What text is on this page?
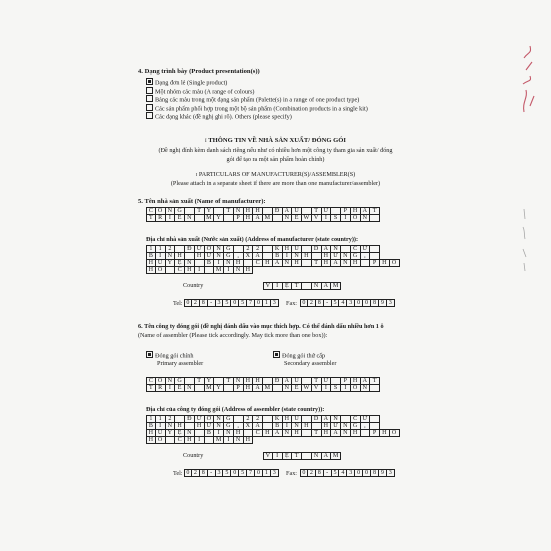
4. Dạng trình bày (Product presentation(s))
Dạng đơn lẻ (Single product)
Một nhóm các màu (A range of colours)
Bảng các màu trong một dạng sản phẩm (Palette(s) in a range of one product type)
Các sản phẩm phối hợp trong một bộ sản phẩm (Combination products in a single kit)
Các dạng khác (đề nghị ghi rõ). Others (please specify)
I THÔNG TIN VỀ NHÀ SẢN XUẤT/ ĐÓNG GÓI
(Đề nghị đính kèm danh sách riêng nếu như có nhiều hơn một công ty tham gia sản xuất/ đóng
gói để tạo ra một sản phẩm hoàn chỉnh)
I PARTICULARS OF MANUFACTURER(S)/ASSEMBLER(S)
(Please attach in a separate sheet if there are more than one manufacturer/assembler)
5. Tên nhà sản xuất (Name of manufacturer):
C Ô N G	T Y	T N H H	Đ Ầ U	T Ư	P H Á T
T R	I	Ể N	M Ỹ	P H Ẩ M	N E W V	I	S	I	O N
Địa chỉ nhà sản xuất (Nước sản xuất) (Address of manufacturer (state country)):
1	1	2	Đ Ư Ờ N G	2	2	K H U	D Â N	C Ư
B	Ì	N H	H Ư N G	,	X Ã	B	Ì	N H	H Ư N G	,
H U Y Ệ N	B	Ì	N H	C H Á N H	T H À N H	P H Ố
H Ồ	C H	Í	M I	N H
Country	V I	Ệ T	N A M
Tel: 0 2 8 - 3 5 0 5 7 0 1 3	Fax: 0 2 8 - 5 4 3 0 0 8 9 3
6. Tên công ty đóng gói (đề nghị đánh dấu vào mục thích hợp. Có thể đánh dấu nhiều hơn 1 ô
(Name of assembler (Please tick accordingly. May tick more than one box)):
Đóng gói chính
Primary assembler
Đóng gói thứ cấp
Secondary assembler
C Ô N G	T Y	T N H H	Đ Ầ U	T Ư	P H Á T
T R	I	Ể N	M Ỹ	P H Ẩ M	N E W V	I	S	I	O N
Địa chỉ của công ty đóng gói (Address of assembler (state country)):
1	1	2	Đ Ư Ờ N G	2	2	K H U	D Â N	C Ư
B	Ì	N H	H Ư N G	,	X Ã	B	Ì	N H	H Ư N G	,
H U Y Ệ N	B	Ì	N H	C H Á N H	T H À N H	P H Ố
H Ồ	C H	Í	M I	N H
Country	V I	Ệ T	N A M
Tel: 0 2 8 - 3 5 0 5 7 0 1 3	Fax: 0 2 8 - 5 4 3 0 0 8 9 3
